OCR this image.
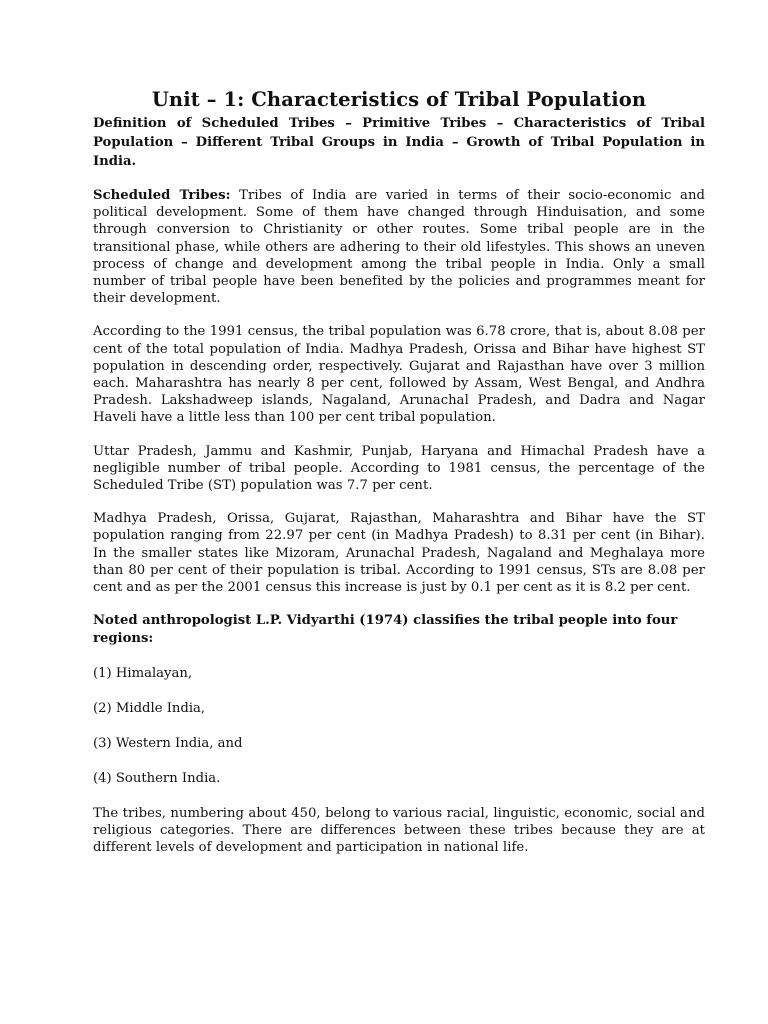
Unit – 1: Characteristics of Tribal Population
Definition of Scheduled Tribes – Primitive Tribes – Characteristics of Tribal Population – Different Tribal Groups in India – Growth of Tribal Population in India.

Scheduled Tribes: Tribes of India are varied in terms of their socio-economic and political development. Some of them have changed through Hinduisation, and some through conversion to Christianity or other routes. Some tribal people are in the transitional phase, while others are adhering to their old lifestyles. This shows an uneven process of change and development among the tribal people in India. Only a small number of tribal people have been benefited by the policies and programmes meant for their development.

According to the 1991 census, the tribal population was 6.78 crore, that is, about 8.08 per cent of the total population of India. Madhya Pradesh, Orissa and Bihar have highest ST population in descending order, respectively. Gujarat and Rajasthan have over 3 million each. Maharashtra has nearly 8 per cent, followed by Assam, West Bengal, and Andhra Pradesh. Lakshadweep islands, Nagaland, Arunachal Pradesh, and Dadra and Nagar Haveli have a little less than 100 per cent tribal population.

Uttar Pradesh, Jammu and Kashmir, Punjab, Haryana and Himachal Pradesh have a negligible number of tribal people. According to 1981 census, the percentage of the Scheduled Tribe (ST) population was 7.7 per cent.

Madhya Pradesh, Orissa, Gujarat, Rajasthan, Maharashtra and Bihar have the ST population ranging from 22.97 per cent (in Madhya Pradesh) to 8.31 per cent (in Bihar). In the smaller states like Mizoram, Arunachal Pradesh, Nagaland and Meghalaya more than 80 per cent of their population is tribal. According to 1991 census, STs are 8.08 per cent and as per the 2001 census this increase is just by 0.1 per cent as it is 8.2 per cent.

Noted anthropologist L.P. Vidyarthi (1974) classifies the tribal people into four regions:
(1) Himalayan,
(2) Middle India,
(3) Western India, and
(4) Southern India.

The tribes, numbering about 450, belong to various racial, linguistic, economic, social and religious categories. There are differences between these tribes because they are at different levels of development and participation in national life.
